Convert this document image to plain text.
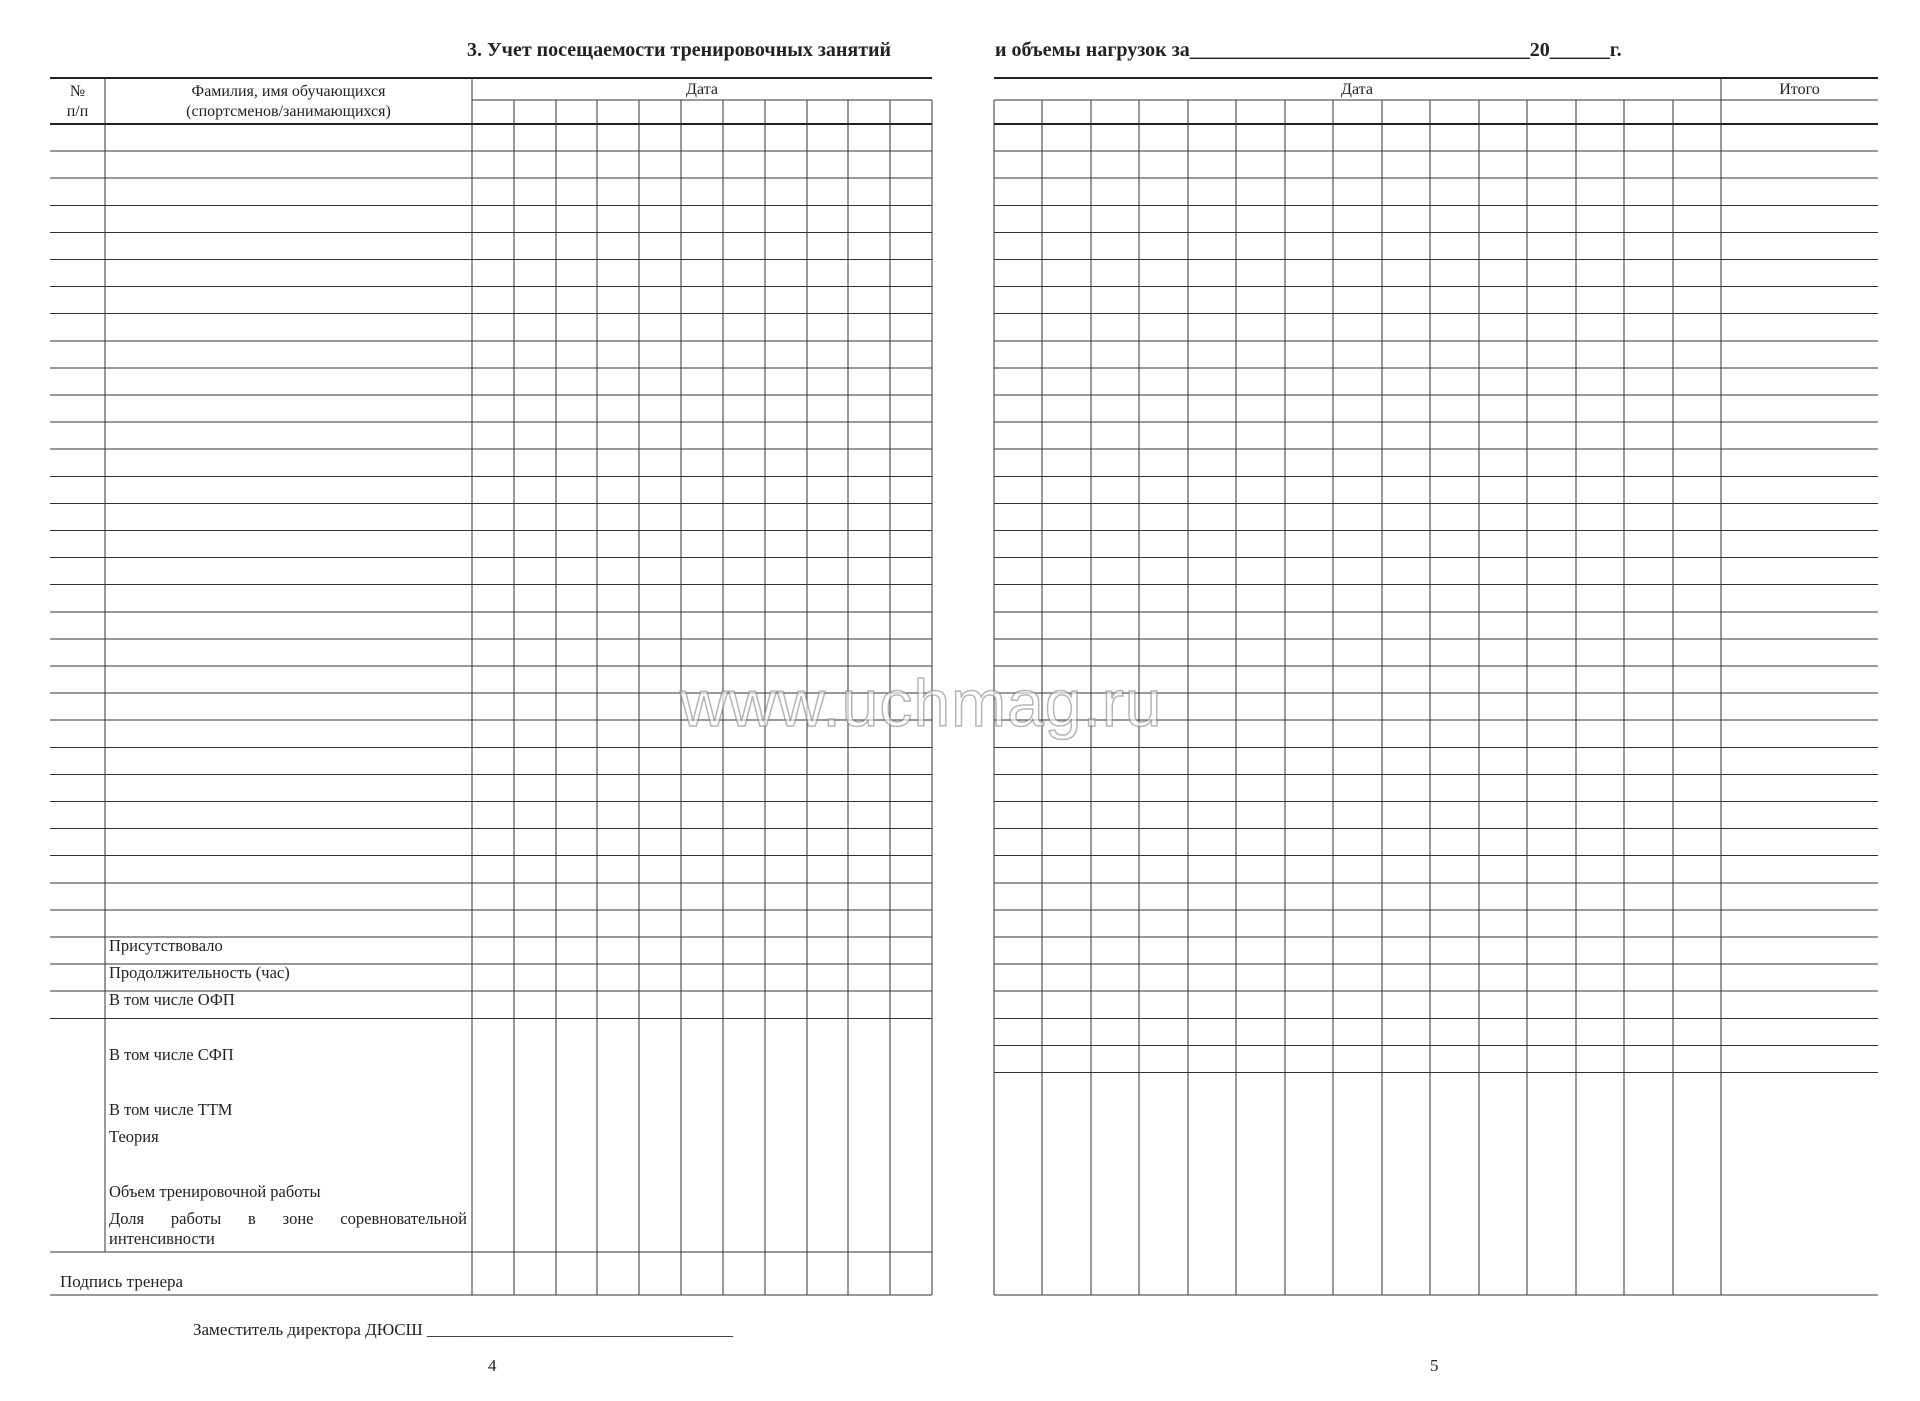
3. Учет посещаемости тренировочных занятий
№
п/п
Фамилия, имя обучающихся
(спортсменов/занимающихся)
Дата
Присутствовало
Продолжительность (час)
В том числе ОФП
В том числе СФП
В том числе ТТМ
Теория
Объем тренировочной работы
Доля работы в зоне соревновательной интенсивности
Подпись тренера
Заместитель директора ДЮСШ ____________________________________
4
и объемы нагрузок за__________________________________20______г.
Дата	Итого
5
www.uchmag.ru
